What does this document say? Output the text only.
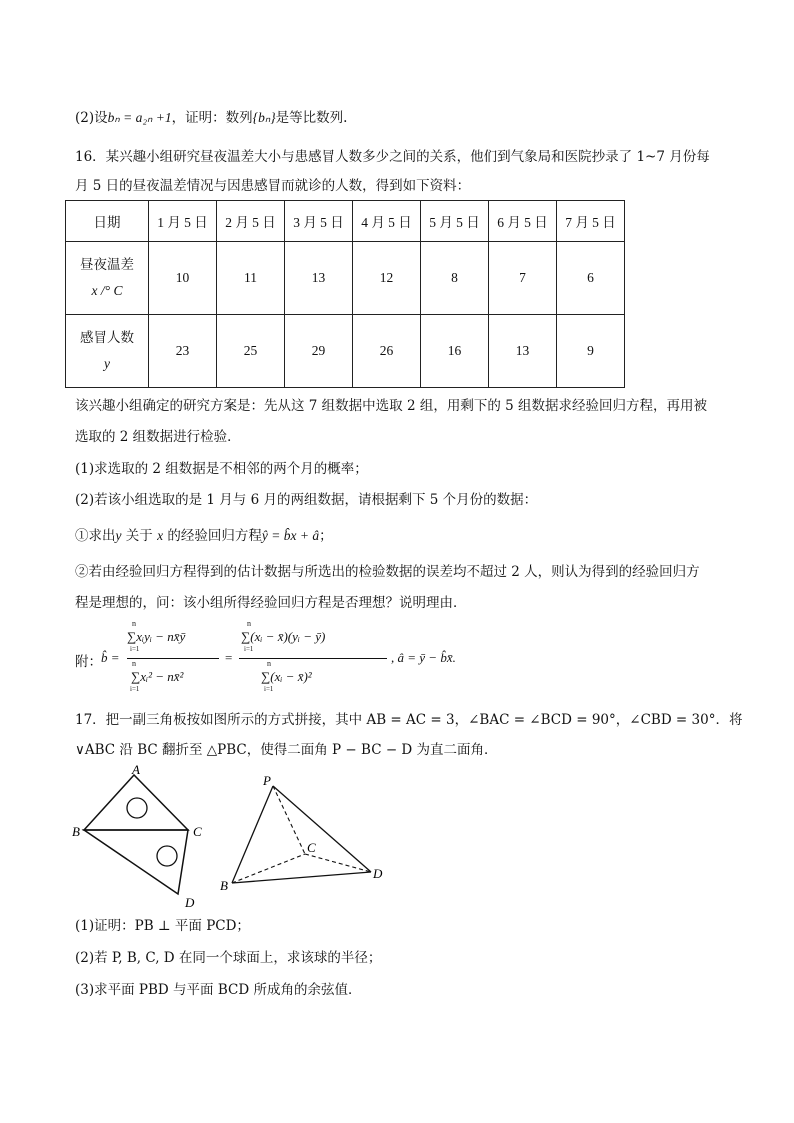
(2)设bₙ = a₂ₙ +1，证明：数列{bₙ}是等比数列.
16．某兴趣小组研究昼夜温差大小与患感冒人数多少之间的关系，他们到气象局和医院抄录了 1~7 月份每
月 5 日的昼夜温差情况与因患感冒而就诊的人数，得到如下资料：
日期	1 月 5 日	2 月 5 日	3 月 5 日	4 月 5 日	5 月 5 日	6 月 5 日	7 月 5 日

昼夜温差
x /° C	10	11	13	12	8	7	6

感冒人数
y	23	25	29	26	16	13	9
该兴趣小组确定的研究方案是：先从这 7 组数据中选取 2 组，用剩下的 5 组数据求经验回归方程，再用被
选取的 2 组数据进行检验．
(1)求选取的 2 组数据是不相邻的两个月的概率；
(2)若该小组选取的是 1 月与 6 月的两组数据，请根据剩下 5 个月份的数据：
①求出y 关于 x 的经验回归方程ŷ = b̂x + â；
②若由经验回归方程得到的估计数据与所选出的检验数据的误差均不超过 2 人，则认为得到的经验回归方
程是理想的，问：该小组所得经验回归方程是否理想？说明理由．
附： b̂ =
n
∑xᵢyᵢ − nx̄ȳ
i=1
n
∑xᵢ² − nx̄²
i=1
=
n
∑(xᵢ − x̄)(yᵢ − ȳ)
i=1
n
∑(xᵢ − x̄)²
i=1
, â = ȳ − b̂x̄.
17．把一副三角板按如图所示的方式拼接，其中 AB = AC = 3，∠BAC = ∠BCD = 90°，∠CBD = 30°．将
∨ABC 沿 BC 翻折至 △PBC，使得二面角 P − BC − D 为直二面角．
A
B	C
D
P
B
C
D
(1)证明：PB ⊥ 平面 PCD；
(2)若 P, B, C, D 在同一个球面上，求该球的半径；
(3)求平面 PBD 与平面 BCD 所成角的余弦值．
